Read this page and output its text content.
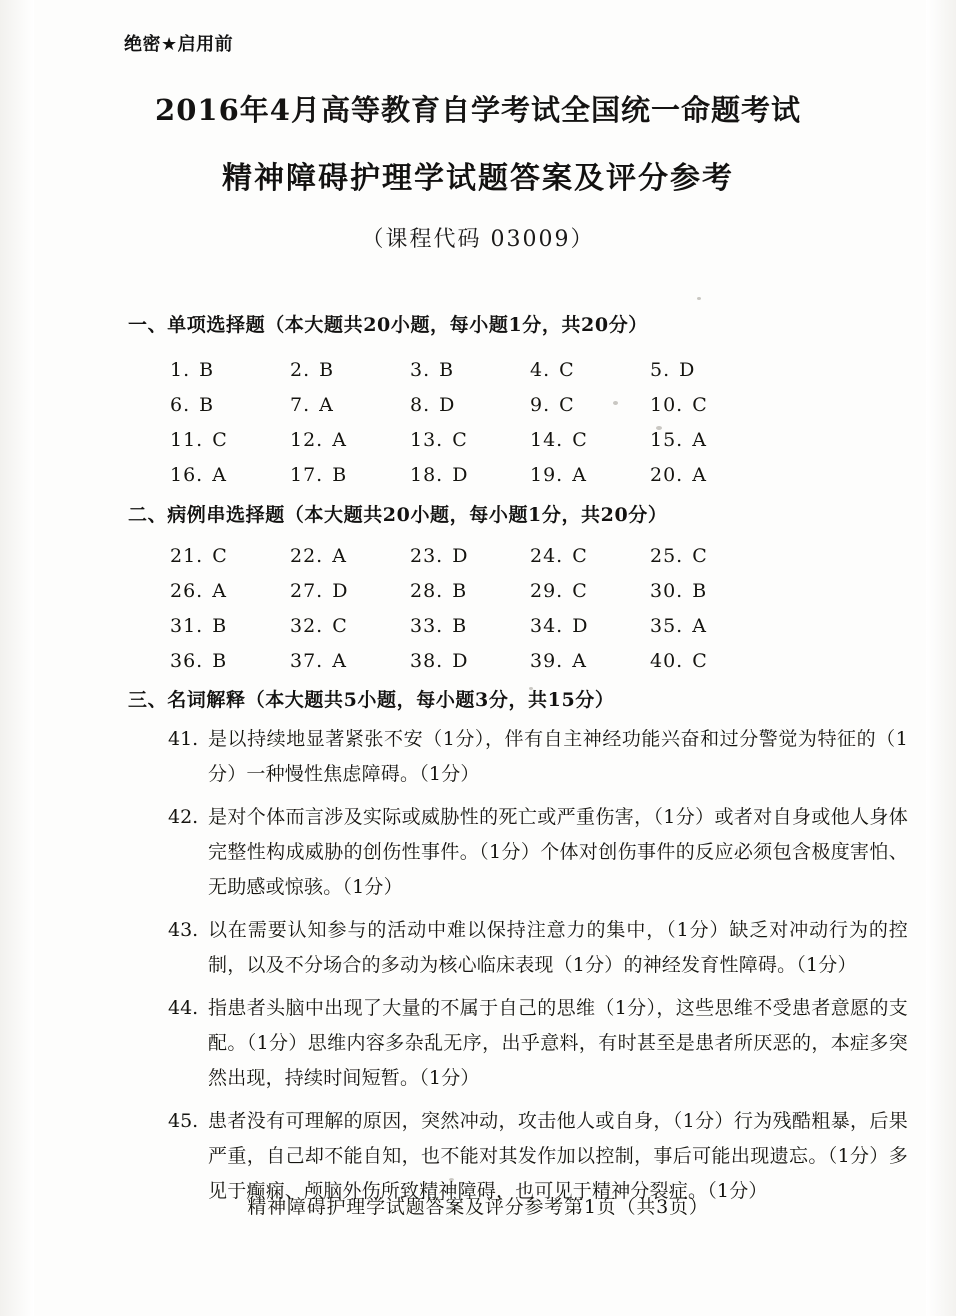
绝密★启用前
2016年4月高等教育自学考试全国统一命题考试
精神障碍护理学试题答案及评分参考
（课程代码 03009）
一、单项选择题（本大题共20小题，每小题1分，共20分）
1. B	2. B	3. B	4. C	5. D
6. B	7. A	8. D	9. C	10. C
11. C	12. A	13. C	14. C	15. A
16. A	17. B	18. D	19. A	20. A
二、病例串选择题（本大题共20小题，每小题1分，共20分）
21. C	22. A	23. D	24. C	25. C
26. A	27. D	28. B	29. C	30. B
31. B	32. C	33. B	34. D	35. A
36. B	37. A	38. D	39. A	40. C
三、名词解释（本大题共5小题，每小题3分，共15分）
41. 是以持续地显著紧张不安（1分），伴有自主神经功能兴奋和过分警觉为特征的（1分）一种慢性焦虑障碍。（1分）
42. 是对个体而言涉及实际或威胁性的死亡或严重伤害，（1分）或者对自身或他人身体完整性构成威胁的创伤性事件。（1分）个体对创伤事件的反应必须包含极度害怕、无助感或惊骇。（1分）
43. 以在需要认知参与的活动中难以保持注意力的集中，（1分）缺乏对冲动行为的控制，以及不分场合的多动为核心临床表现（1分）的神经发育性障碍。（1分）
44. 指患者头脑中出现了大量的不属于自己的思维（1分），这些思维不受患者意愿的支配。（1分）思维内容多杂乱无序，出乎意料，有时甚至是患者所厌恶的，本症多突然出现，持续时间短暂。（1分）
45. 患者没有可理解的原因，突然冲动，攻击他人或自身，（1分）行为残酷粗暴，后果严重，自己却不能自知，也不能对其发作加以控制，事后可能出现遗忘。（1分）多见于癫痫、颅脑外伤所致精神障碍，也可见于精神分裂症。（1分）
精神障碍护理学试题答案及评分参考第1页（共3页）
